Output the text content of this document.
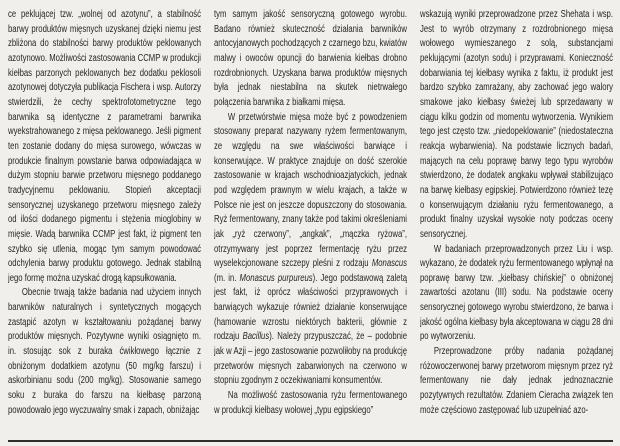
ce peklującej tzw. „wolnej od azotynu”, a stabilność barwy produktów mięsnych uzyskanej dzięki niemu jest zbliżona do stabilności barwy produktów peklowanych azotynowo. Możliwości zastosowania CCMP w produkcji kiełbas parzonych peklowanych bez dodatku peklosoli azotynowej dotyczyła publikacja Fischera i wsp. Autorzy stwierdzili, że cechy spektrofotometryczne tego barwnika są identyczne z parametrami barwnika wyekstrahowanego z mięsa peklowanego. Jeśli pigment ten zostanie dodany do mięsa surowego, wówczas w produkcie finalnym powstanie barwa odpowiadająca w dużym stopniu barwie przetworu mięsnego poddanego tradycyjnemu peklowaniu. Stopień akceptacji sensorycznej uzyskanego przetworu mięsnego zależy od ilości dodanego pigmentu i stężenia mioglobiny w mięsie. Wadą barwnika CCMP jest fakt, iż pigment ten szybko się utlenia, mogąc tym samym powodować odchylenia barwy produktu gotowego. Jednak stabilną jego formę można uzyskać drogą kapsułkowania.

Obecnie trwają także badania nad użyciem innych barwników naturalnych i syntetycznych mogących zastąpić azotyn w kształtowaniu pożądanej barwy produktów mięsnych. Pozytywne wyniki osiągnięto m. in. stosując sok z buraka ćwikłowego łącznie z obniżonym dodatkiem azotynu (50 mg/kg farszu) i askorbinianu sodu (200 mg/kg). Stosowanie samego soku z buraka do farszu na kiełbasę parzoną powodowało jego wyczuwalny smak i zapach, obniżając

tym samym jakość sensoryczną gotowego wyrobu. Badano również skuteczność działania barwników antocyjanowych pochodzących z czarnego bzu, kwiatów malwy i owoców opuncji do barwienia kiełbas drobno rozdrobnionych. Uzyskana barwa produktów mięsnych była jednak niestabilna na skutek nietrwałego połączenia barwnika z białkami mięsa.

W przetwórstwie mięsa może być z powodzeniem stosowany preparat nazywany ryżem fermentowanym, ze względu na swe właściwości barwiące i konserwujące. W praktyce znajduje on dość szerokie zastosowanie w krajach wschodnioazjatyckich, jednak pod względem prawnym w wielu krajach, a także w Polsce nie jest on jeszcze dopuszczony do stosowania. Ryż fermentowany, znany także pod takimi określeniami jak „ryż czerwony”, „angkak”, „mączka ryżowa”, otrzymywany jest poprzez fermentację ryżu przez wyselekcjonowane szczepy pleśni z rodzaju Monascus (m. in. Monascus purpureus). Jego podstawową zaletą jest fakt, iż oprócz właściwości przyprawowych i barwiących wykazuje również działanie konserwujące (hamowanie wzrostu niektórych bakterii, głównie z rodzaju Bacillus). Należy przypuszczać, że – podobnie jak w Azji – jego zastosowanie pozwoliłoby na produkcję przetworów mięsnych zabarwionych na czerwono w stopniu zgodnym z oczekiwaniami konsumentów.

Na możliwość zastosowania ryżu fermentowanego w produkcji kiełbasy wołowej „typu egipskiego”

wskazują wyniki przeprowadzone przez Shehata i wsp. Jest to wyrób otrzymany z rozdrobnionego mięsa wołowego wymieszanego z solą, substancjami peklującymi (azotyn sodu) i przyprawami. Konieczność dobarwiania tej kiełbasy wynika z faktu, iż produkt jest bardzo szybko zamrażany, aby zachować jego walory smakowe jako kiełbasy świeżej lub sprzedawany w ciągu kilku godzin od momentu wytworzenia. Wynikiem tego jest często tzw. „niedopeklowanie” (niedostateczna reakcja wybarwienia). Na podstawie licznych badań, mających na celu poprawę barwy tego typu wyrobów stwierdzono, że dodatek angkaku wpływał stabilizująco na barwę kiełbasy egipskiej. Potwierdzono również tezę o konserwującym działaniu ryżu fermentowanego, a produkt finalny uzyskał wysokie noty podczas oceny sensorycznej.

W badaniach przeprowadzonych przez Liu i wsp. wykazano, że dodatek ryżu fermentowanego wpłynął na poprawę barwy tzw. „kiełbasy chińskiej” o obniżonej zawartości azotanu (III) sodu. Na podstawie oceny sensorycznej gotowego wyrobu stwierdzono, że barwa i jakość ogólna kiełbasy była akceptowana w ciągu 28 dni po wytworzeniu.

Przeprowadzone próby nadania pożądanej różowoczerwonej barwy przetworom mięsnym przez ryż fermentowany nie dały jednak jednoznacznie pozytywnych rezultatów. Zdaniem Cieracha związek ten może częściowo zastępować lub uzupełniać azo-
